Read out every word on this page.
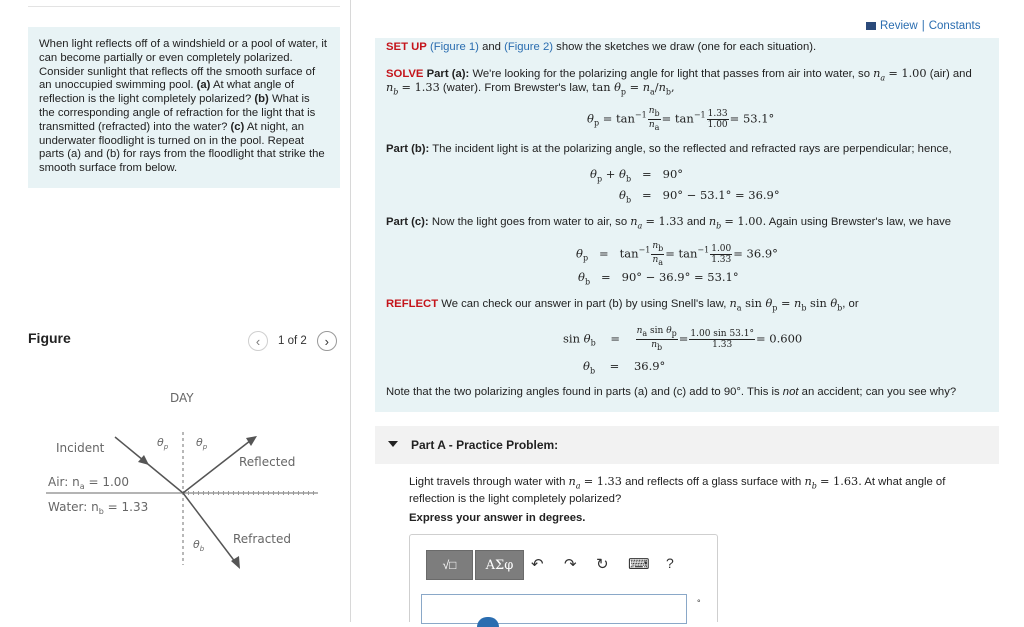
When light reflects off of a windshield or a pool of water, it can become partially or even completely polarized. Consider sunlight that reflects off the smooth surface of an unoccupied swimming pool. (a) At what angle of reflection is the light completely polarized? (b) What is the corresponding angle of refraction for the light that is transmitted (refracted) into the water? (c) At night, an underwater floodlight is turned on in the pool. Repeat parts (a) and (b) for rays from the floodlight that strike the smooth surface from below.
Figure	‹	1 of 2	›
DAY
Incident
Reflected
Refracted
Air: $n_a = 1.00$
Water: $n_b = 1.33$
$\theta_p$	$\theta_p$
$\theta_b$
Review | Constants
SET UP (Figure 1) and (Figure 2) show the sketches we draw (one for each situation).
SOLVE Part (a): We're looking for the polarizing angle for light that passes from air into water, so $n_a = 1.00$ (air) and
$n_b = 1.33$ (water). From Brewster's law, $\tan \theta_p = n_a/n_b$,
$\theta_p = \tan^{-1} \frac{n_b}{n_a} = \tan^{-1} \frac{1.33}{1.00} = 53.1^\circ$
Part (b): The incident light is at the polarizing angle, so the reflected and refracted rays are perpendicular; hence,
$\theta_p + \theta_b = 90^\circ$
$\theta_b = 90^\circ - 53.1^\circ = 36.9^\circ$
Part (c): Now the light goes from water to air, so $n_a = 1.33$ and $n_b = 1.00$. Again using Brewster's law, we have
$\theta_p = \tan^{-1} \frac{n_b}{n_a} = \tan^{-1} \frac{1.00}{1.33} = 36.9^\circ$
$\theta_b = 90^\circ - 36.9^\circ = 53.1^\circ$
REFLECT We can check our answer in part (b) by using Snell's law, $n_a$ $\sin \theta_p = n_b$ $\sin \theta_b$, or
$\sin \theta_b$    = $\frac{n_a \sin \theta_p}{n_b} = \frac{1.00 \sin 53.1^\circ}{1.33} = 0.600$
$\theta_b$    =    36.9°
Note that the two polarizing angles found in parts (a) and (c) add to 90°. This is not an accident; can you see why?
Part A - Practice Problem:
Light travels through water with $n_a = 1.33$ and reflects off a glass surface with $n_b = 1.63$. At what angle of reflection is the light completely polarized?
Express your answer in degrees.
√□	ΑΣφ	↶ ↷ ↻ ⌨ ?
°
